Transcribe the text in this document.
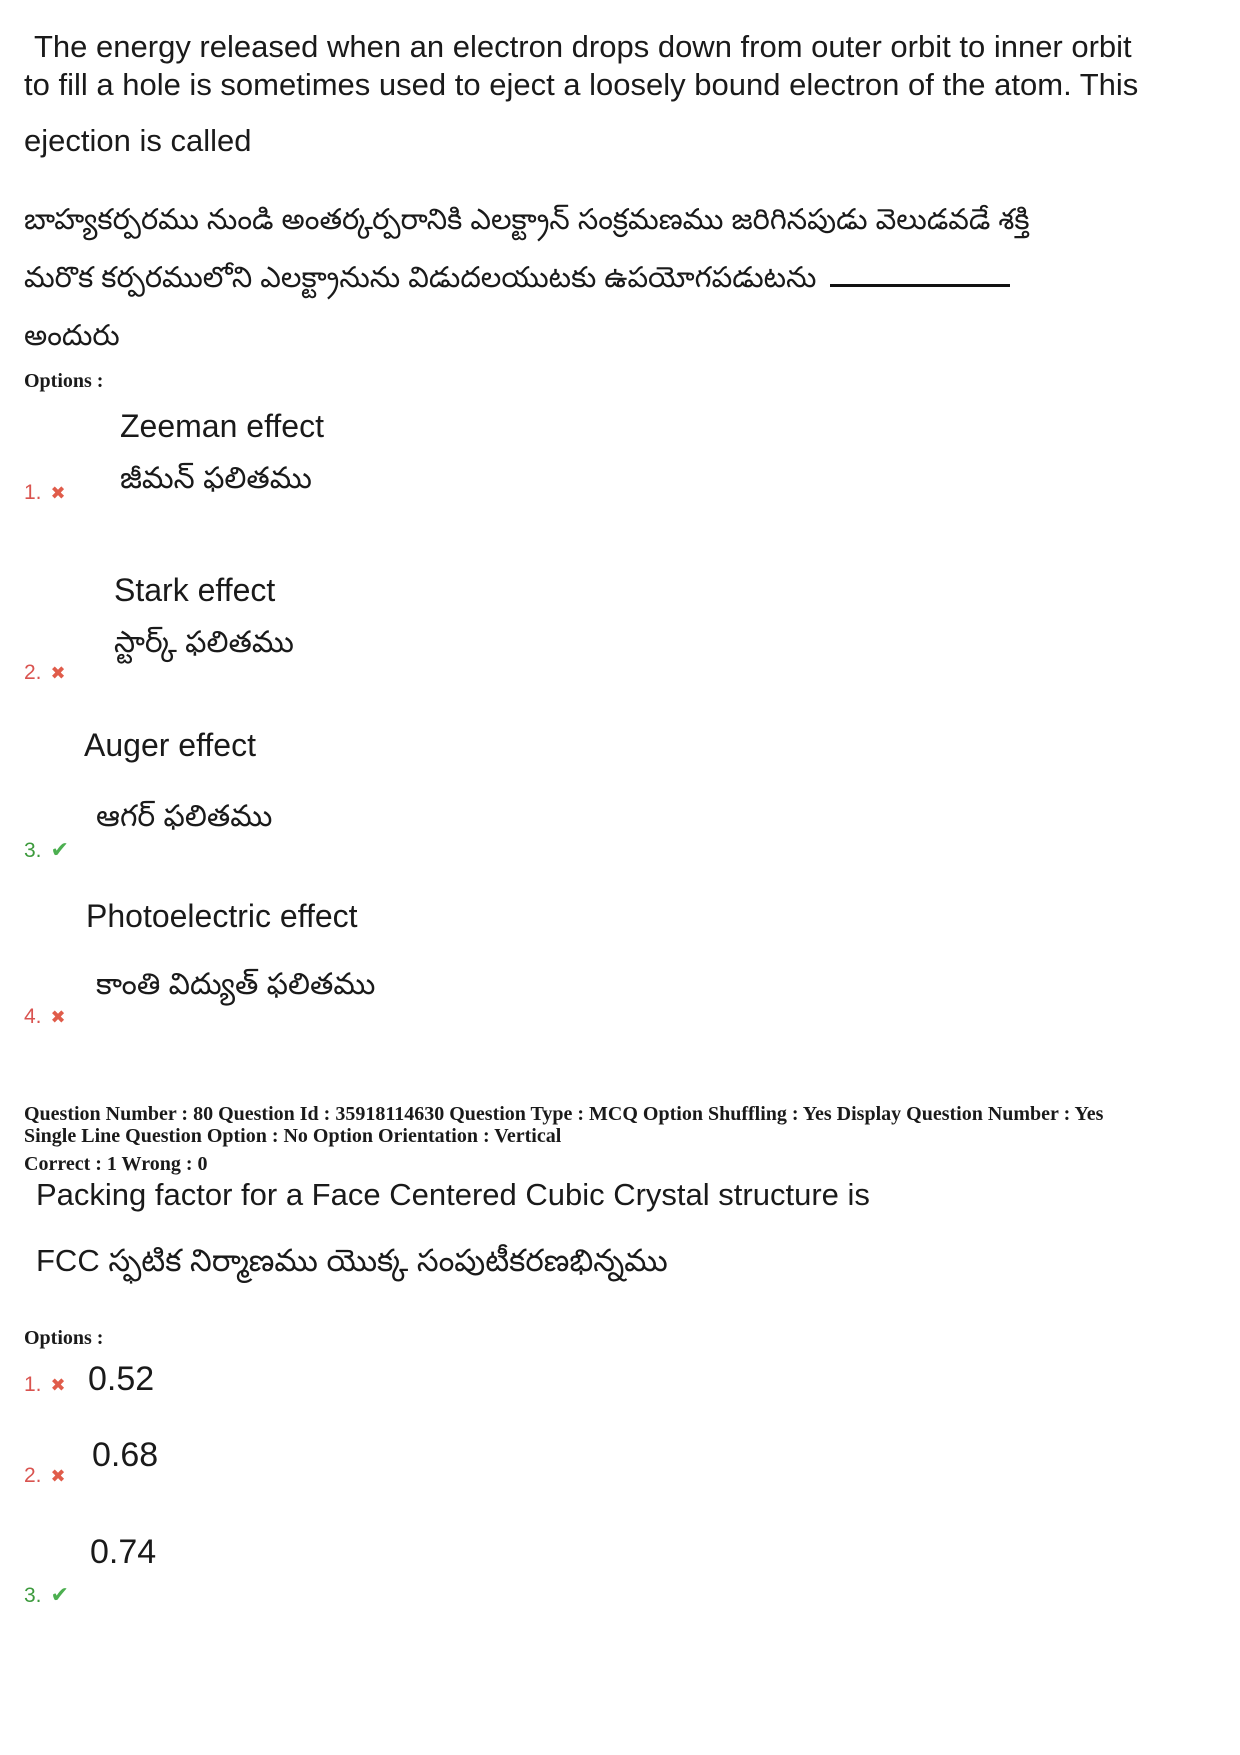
The energy released when an electron drops down from outer orbit to inner orbit
to fill a hole is sometimes used to eject a loosely bound electron of the atom. This
ejection is called
బాహ్యకర్పరము నుండి అంతర్కర్పరానికి ఎలక్ట్రాన్ సంక్రమణము జరిగినపుడు వెలుడవడే శక్తి
మరొక కర్పరములోని ఎలక్ట్రానును విడుదలయుటకు ఉపయోగపడుటను
అందురు
Options :
Zeeman effect
జీమన్ ఫలితము
1. ✖
Stark effect
స్టార్క్ ఫలితము
2. ✖
Auger effect
ఆగర్ ఫలితము
3. ✔
Photoelectric effect
కాంతి విద్యుత్ ఫలితము
4. ✖
Question Number : 80 Question Id : 35918114630 Question Type : MCQ Option Shuffling : Yes Display Question Number : Yes
Single Line Question Option : No Option Orientation : Vertical
Correct : 1 Wrong : 0
Packing factor for a Face Centered Cubic Crystal structure is
FCC స్ఫటిక నిర్మాణము యొక్క సంపుటీకరణభిన్నము
Options :
0.52
1. ✖
0.68
2. ✖
0.74
3. ✔
